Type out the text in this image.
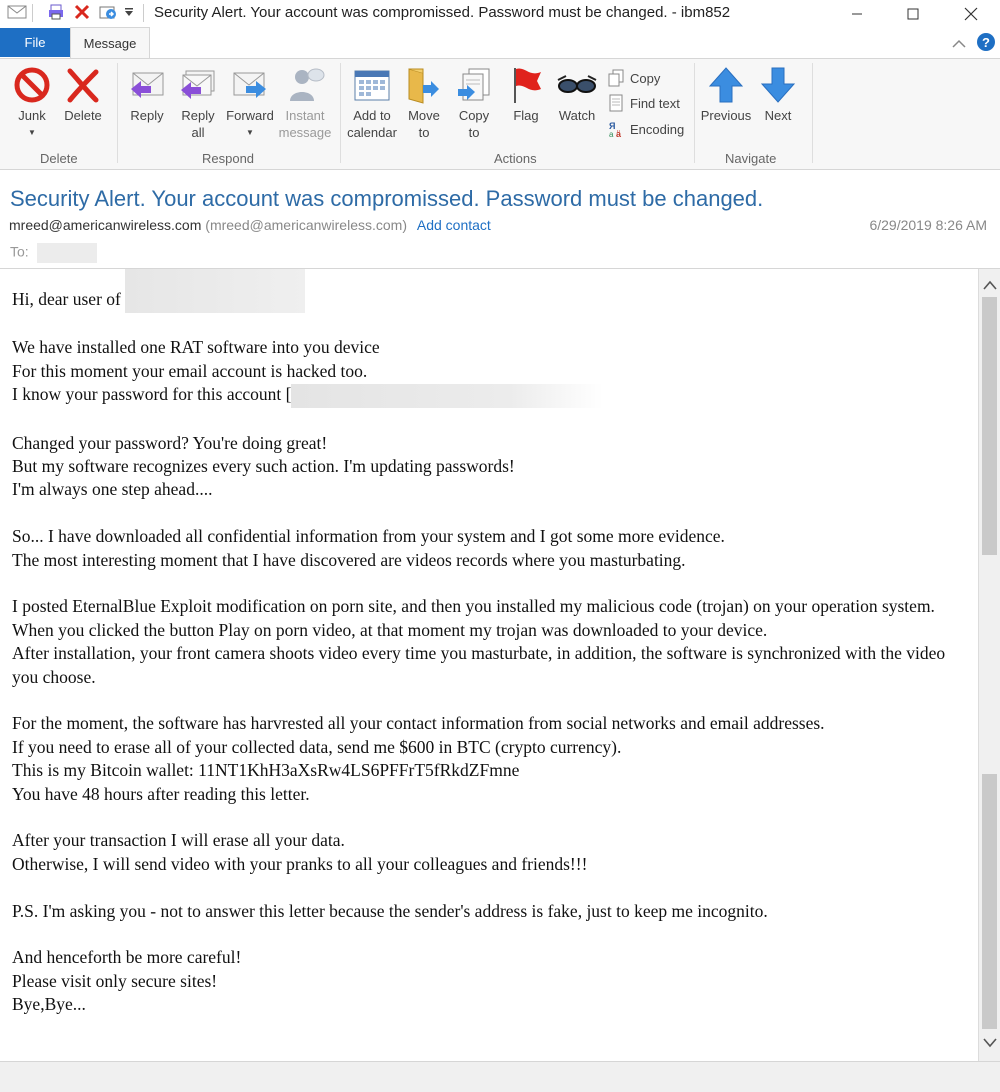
Security Alert. Your account was compromissed. Password must be changed. - ibm852
File	Message	?
Junk
▼
Delete
Delete
Reply	Reply
all
Forward
▼
Instant
message
Respond
Add to
calendar
Move
to
Copy
to
Flag	Watch
Copy
Find text
Я
ä
a Encoding
Actions
Previous	Next
Navigate
Security Alert. Your account was compromissed. Password must be changed.
mreed@americanwireless.com (mreed@americanwireless.com) Add contact	6/29/2019 8:26 AM
To:

Hi, dear user of

We have installed one RAT software into you device

For this moment your email account is hacked too.

I know your password for this account [

Changed your password? You're doing great!

But my software recognizes every such action. I'm updating passwords!

I'm always one step ahead....

So... I have downloaded all confidential information from your system and I got some more evidence.

The most interesting moment that I have discovered are videos records where you masturbating.

I posted EternalBlue Exploit modification on porn site, and then you installed my malicious code (trojan) on your operation system.

When you clicked the button Play on porn video, at that moment my trojan was downloaded to your device.

After installation, your front camera shoots video every time you masturbate, in addition, the software is synchronized with the video you choose.

For the moment, the software has harvrested all your contact information from social networks and email addresses.

If you need to erase all of your collected data, send me $600 in BTC (crypto currency).

This is my Bitcoin wallet: 11NT1KhH3aXsRw4LS6PFFrT5fRkdZFmne

You have 48 hours after reading this letter.

After your transaction I will erase all your data.

Otherwise, I will send video with your pranks to all your colleagues and friends!!!

P.S. I'm asking you - not to answer this letter because the sender's address is fake, just to keep me incognito.

And henceforth be more careful!

Please visit only secure sites!

Bye,Bye...
